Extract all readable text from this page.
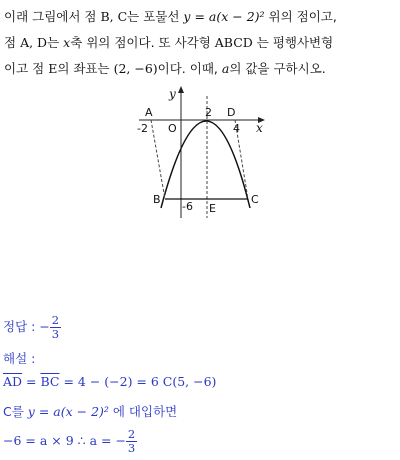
이래 그림에서 점 B, C는 포물선 y = a(x − 2)² 위의 점이고,
점 A, D는 x축 위의 점이다. 또 사각형 ABCD 는 평행사변형
이고 점 E의 좌표는 (2, −6)이다. 이때, a의 값을 구하시오.
y
x
A	D
-2 O
2
4
B	C
-6 E
정답 : − $\frac{2}{3}$
해설 :
$\overline{AD} = \overline{BC} = 4 - (-2) = 6$ C(5, −6)
C를 y = a(x − 2)² 에 대입하면
−6 = a × 9 ∴ a = − $\frac{2}{3}$
